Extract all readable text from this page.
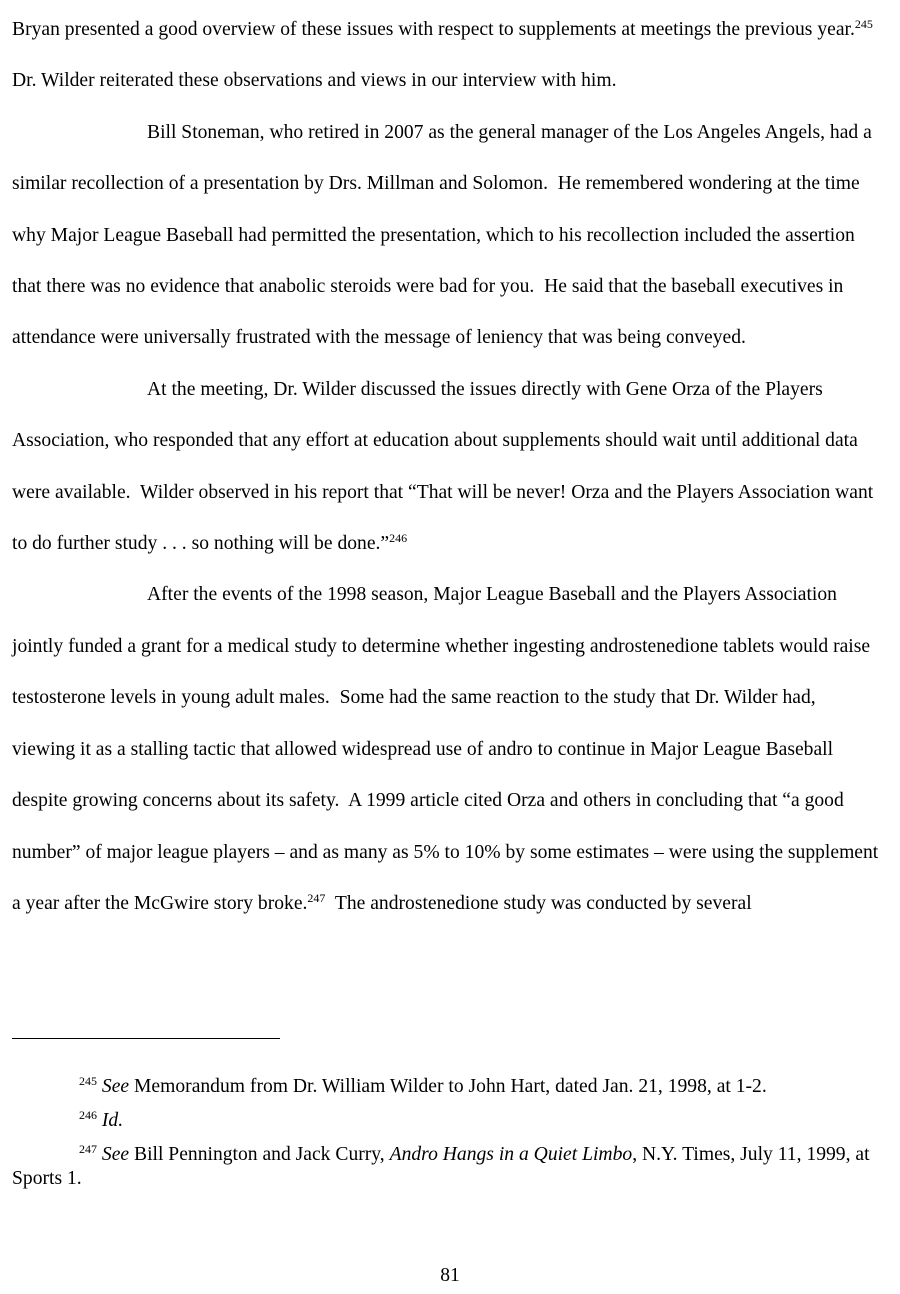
Bryan presented a good overview of these issues with respect to supplements at meetings the previous year.$^{245}$  Dr. Wilder reiterated these observations and views in our interview with him.

Bill Stoneman, who retired in 2007 as the general manager of the Los Angeles Angels, had a similar recollection of a presentation by Drs. Millman and Solomon.  He remembered wondering at the time why Major League Baseball had permitted the presentation, which to his recollection included the assertion that there was no evidence that anabolic steroids were bad for you.  He said that the baseball executives in attendance were universally frustrated with the message of leniency that was being conveyed.

At the meeting, Dr. Wilder discussed the issues directly with Gene Orza of the Players Association, who responded that any effort at education about supplements should wait until additional data were available.  Wilder observed in his report that “That will be never! Orza and the Players Association want to do further study . . . so nothing will be done.”$^{246}$

After the events of the 1998 season, Major League Baseball and the Players Association jointly funded a grant for a medical study to determine whether ingesting androstenedione tablets would raise testosterone levels in young adult males.  Some had the same reaction to the study that Dr. Wilder had, viewing it as a stalling tactic that allowed widespread use of andro to continue in Major League Baseball despite growing concerns about its safety.  A 1999 article cited Orza and others in concluding that “a good number” of major league players – and as many as 5% to 10% by some estimates – were using the supplement a year after the McGwire story broke.$^{247}$  The androstenedione study was conducted by several

$^{245}$ See Memorandum from Dr. William Wilder to John Hart, dated Jan. 21, 1998, at 1-2.

$^{246}$ Id.

$^{247}$ See Bill Pennington and Jack Curry, Andro Hangs in a Quiet Limbo, N.Y. Times, July 11, 1999, at Sports 1.

81
